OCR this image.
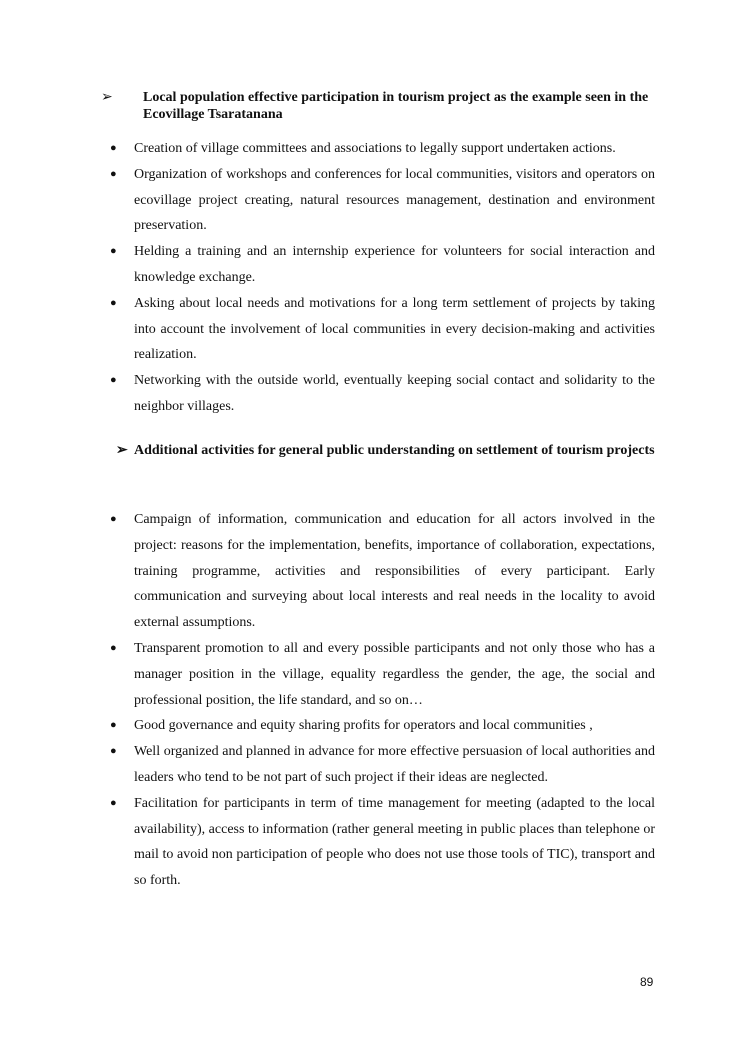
➢ Local population effective participation in tourism project as the example seen in the Ecovillage Tsaratanana
● Creation of village committees and associations to legally support undertaken actions.
● Organization of workshops and conferences for local communities, visitors and operators on ecovillage project creating, natural resources management, destination and environment preservation.
● Helding a training and an internship experience for volunteers for social interaction and knowledge exchange.
● Asking about local needs and motivations for a long term settlement of projects by taking into account the involvement of local communities in every decision-making and activities realization.
● Networking with the outside world, eventually keeping social contact and solidarity to the neighbor villages.
➢ Additional activities for general public understanding on settlement of tourism projects
● Campaign of information, communication and education for all actors involved in the project: reasons for the implementation, benefits, importance of collaboration, expectations, training programme, activities and responsibilities of every participant. Early communication and surveying about local interests and real needs in the locality to avoid external assumptions.
● Transparent promotion to all and every possible participants and not only those who has a manager position in the village, equality regardless the gender, the age, the social and professional position, the life standard, and so on…
● Good governance and equity sharing profits for operators and local communities ,
● Well organized and planned in advance for more effective persuasion of local authorities and leaders who tend to be not part of such project if their ideas are neglected.
● Facilitation for participants in term of time management for meeting (adapted to the local availability), access to information (rather general meeting in public places than telephone or mail to avoid non participation of people who does not use those tools of TIC), transport and so forth.
89
